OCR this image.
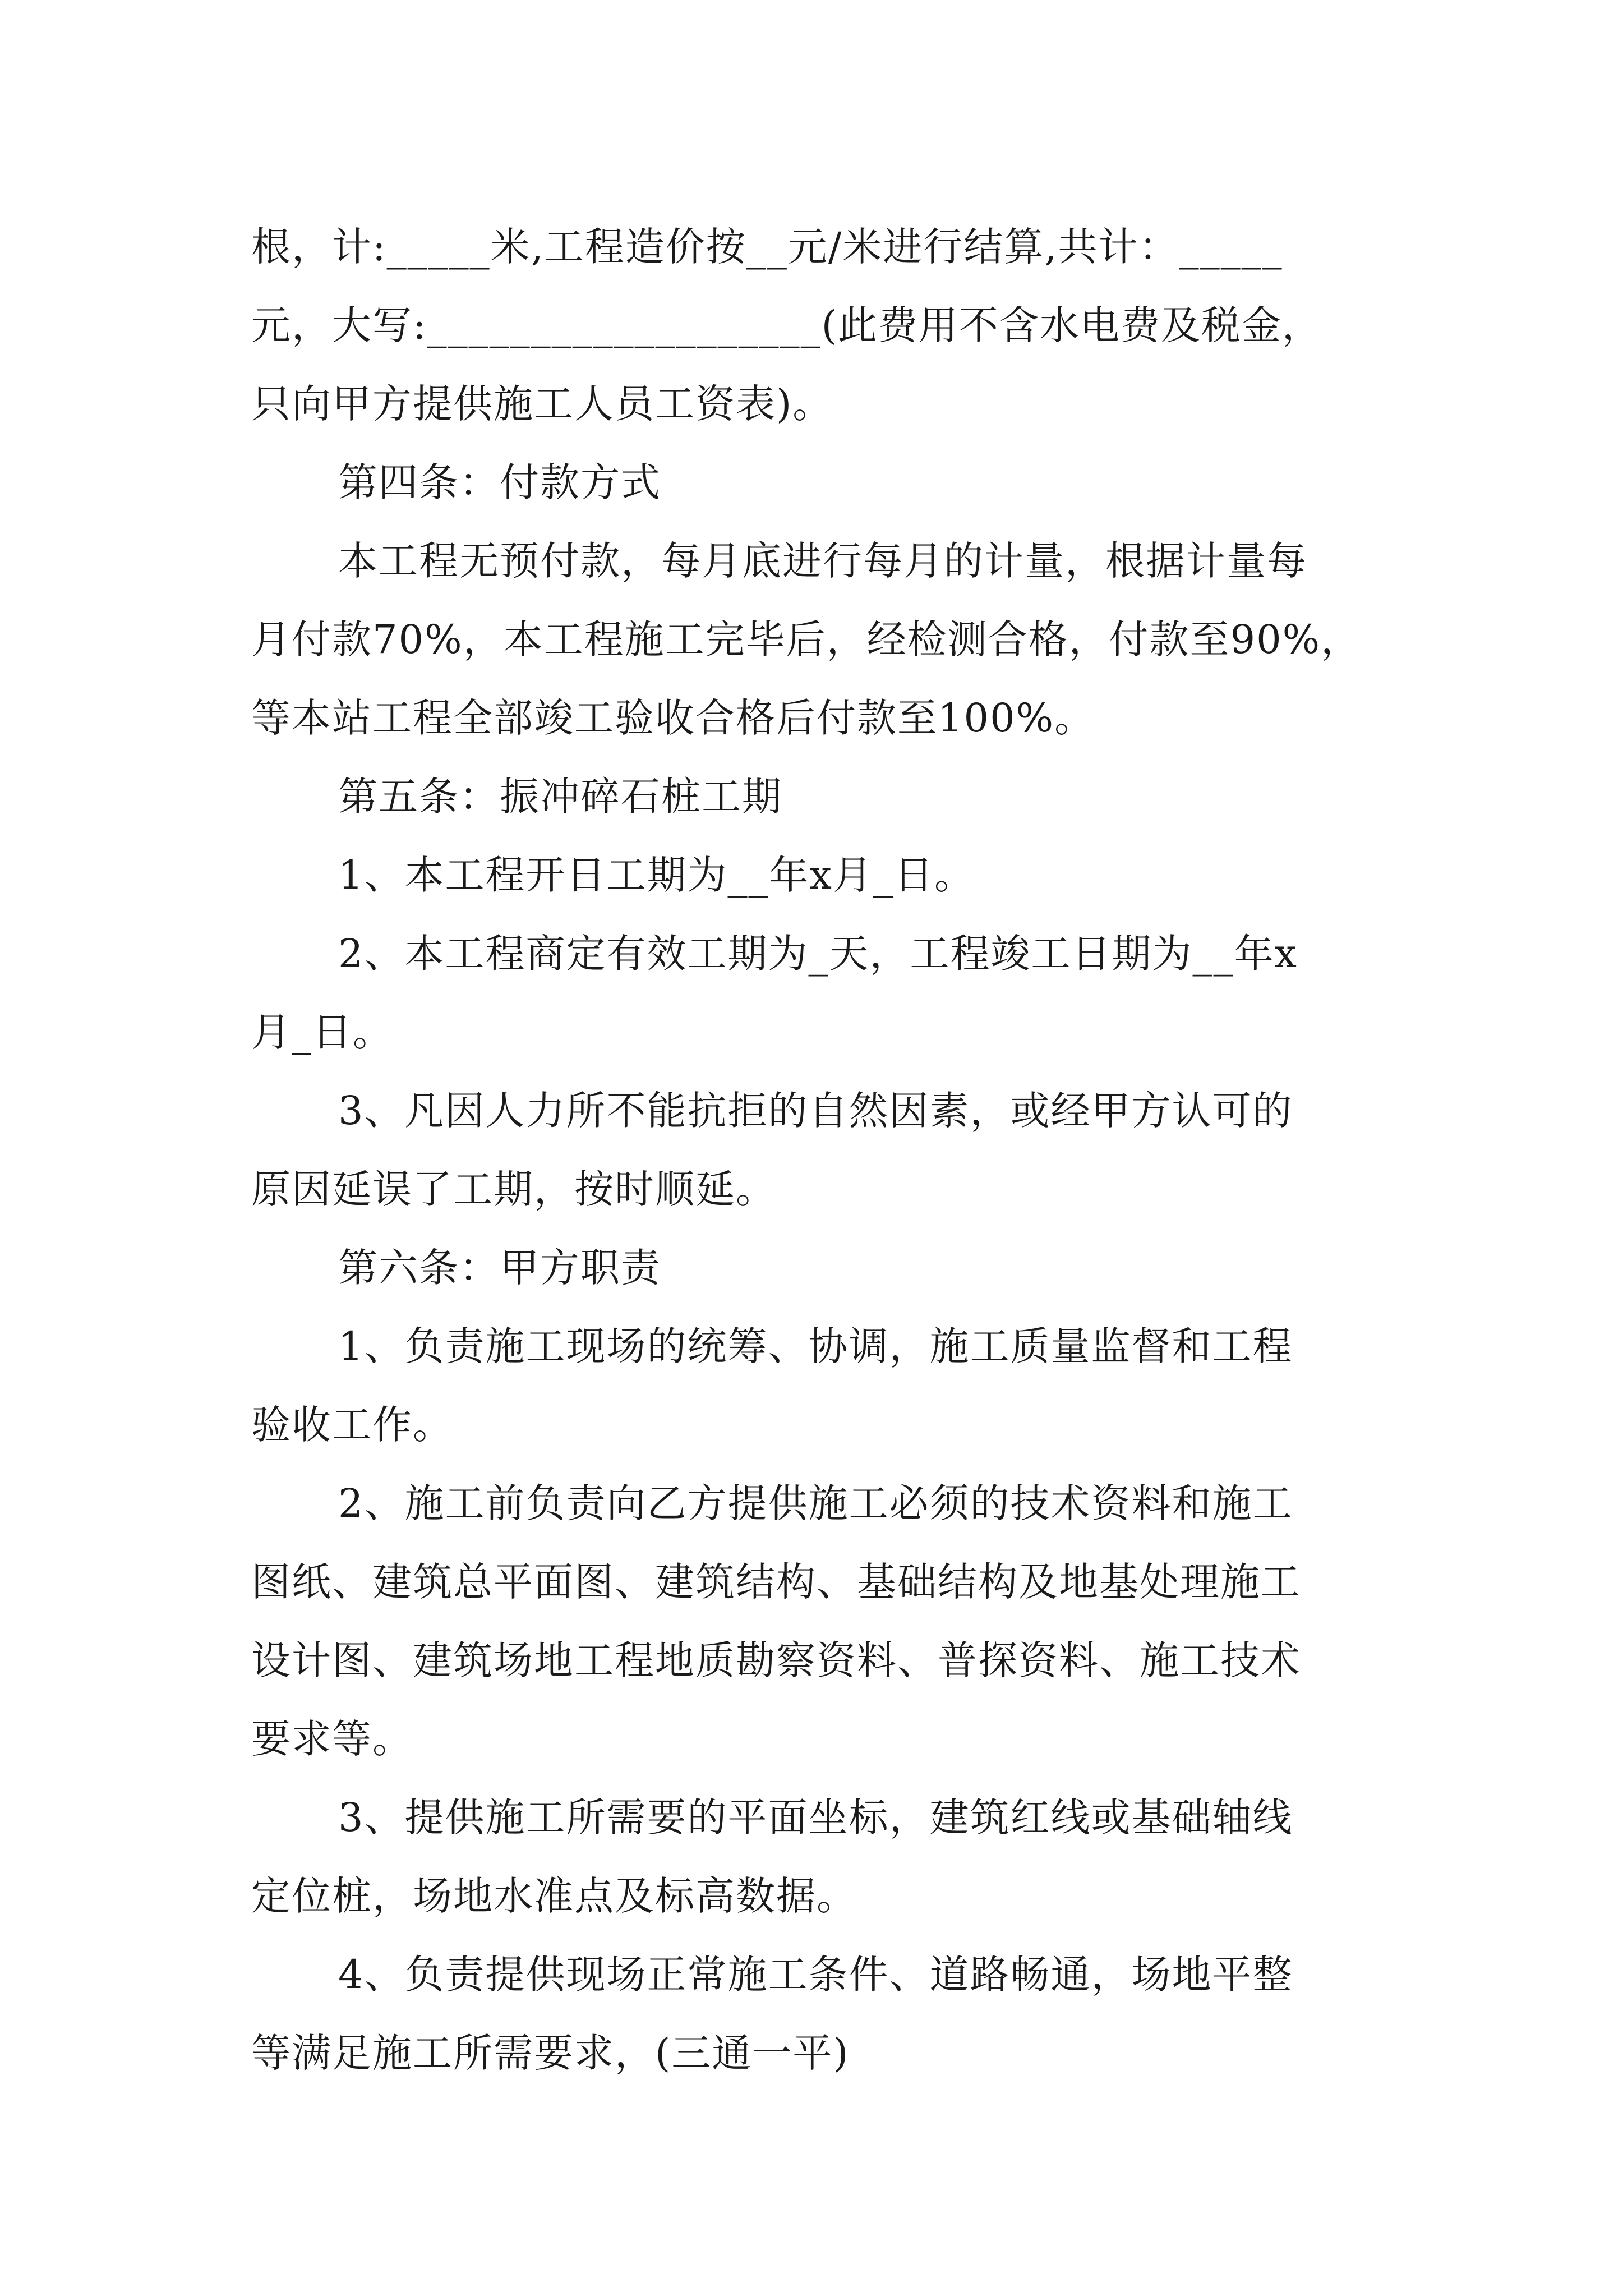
根，计:_____米,工程造价按__元/米进行结算,共计：_____
元，大写:___________________(此费用不含水电费及税金，
只向甲方提供施工人员工资表)。
第四条：付款方式
本工程无预付款，每月底进行每月的计量，根据计量每
月付款70%，本工程施工完毕后，经检测合格，付款至90%，
等本站工程全部竣工验收合格后付款至100%。
第五条：振冲碎石桩工期
1、本工程开日工期为__年x月_日。
2、本工程商定有效工期为_天，工程竣工日期为__年x
月_日。
3、凡因人力所不能抗拒的自然因素，或经甲方认可的
原因延误了工期，按时顺延。
第六条：甲方职责
1、负责施工现场的统筹、协调，施工质量监督和工程
验收工作。
2、施工前负责向乙方提供施工必须的技术资料和施工
图纸、建筑总平面图、建筑结构、基础结构及地基处理施工
设计图、建筑场地工程地质勘察资料、普探资料、施工技术
要求等。
3、提供施工所需要的平面坐标，建筑红线或基础轴线
定位桩，场地水准点及标高数据。
4、负责提供现场正常施工条件、道路畅通，场地平整
等满足施工所需要求，(三通一平)
